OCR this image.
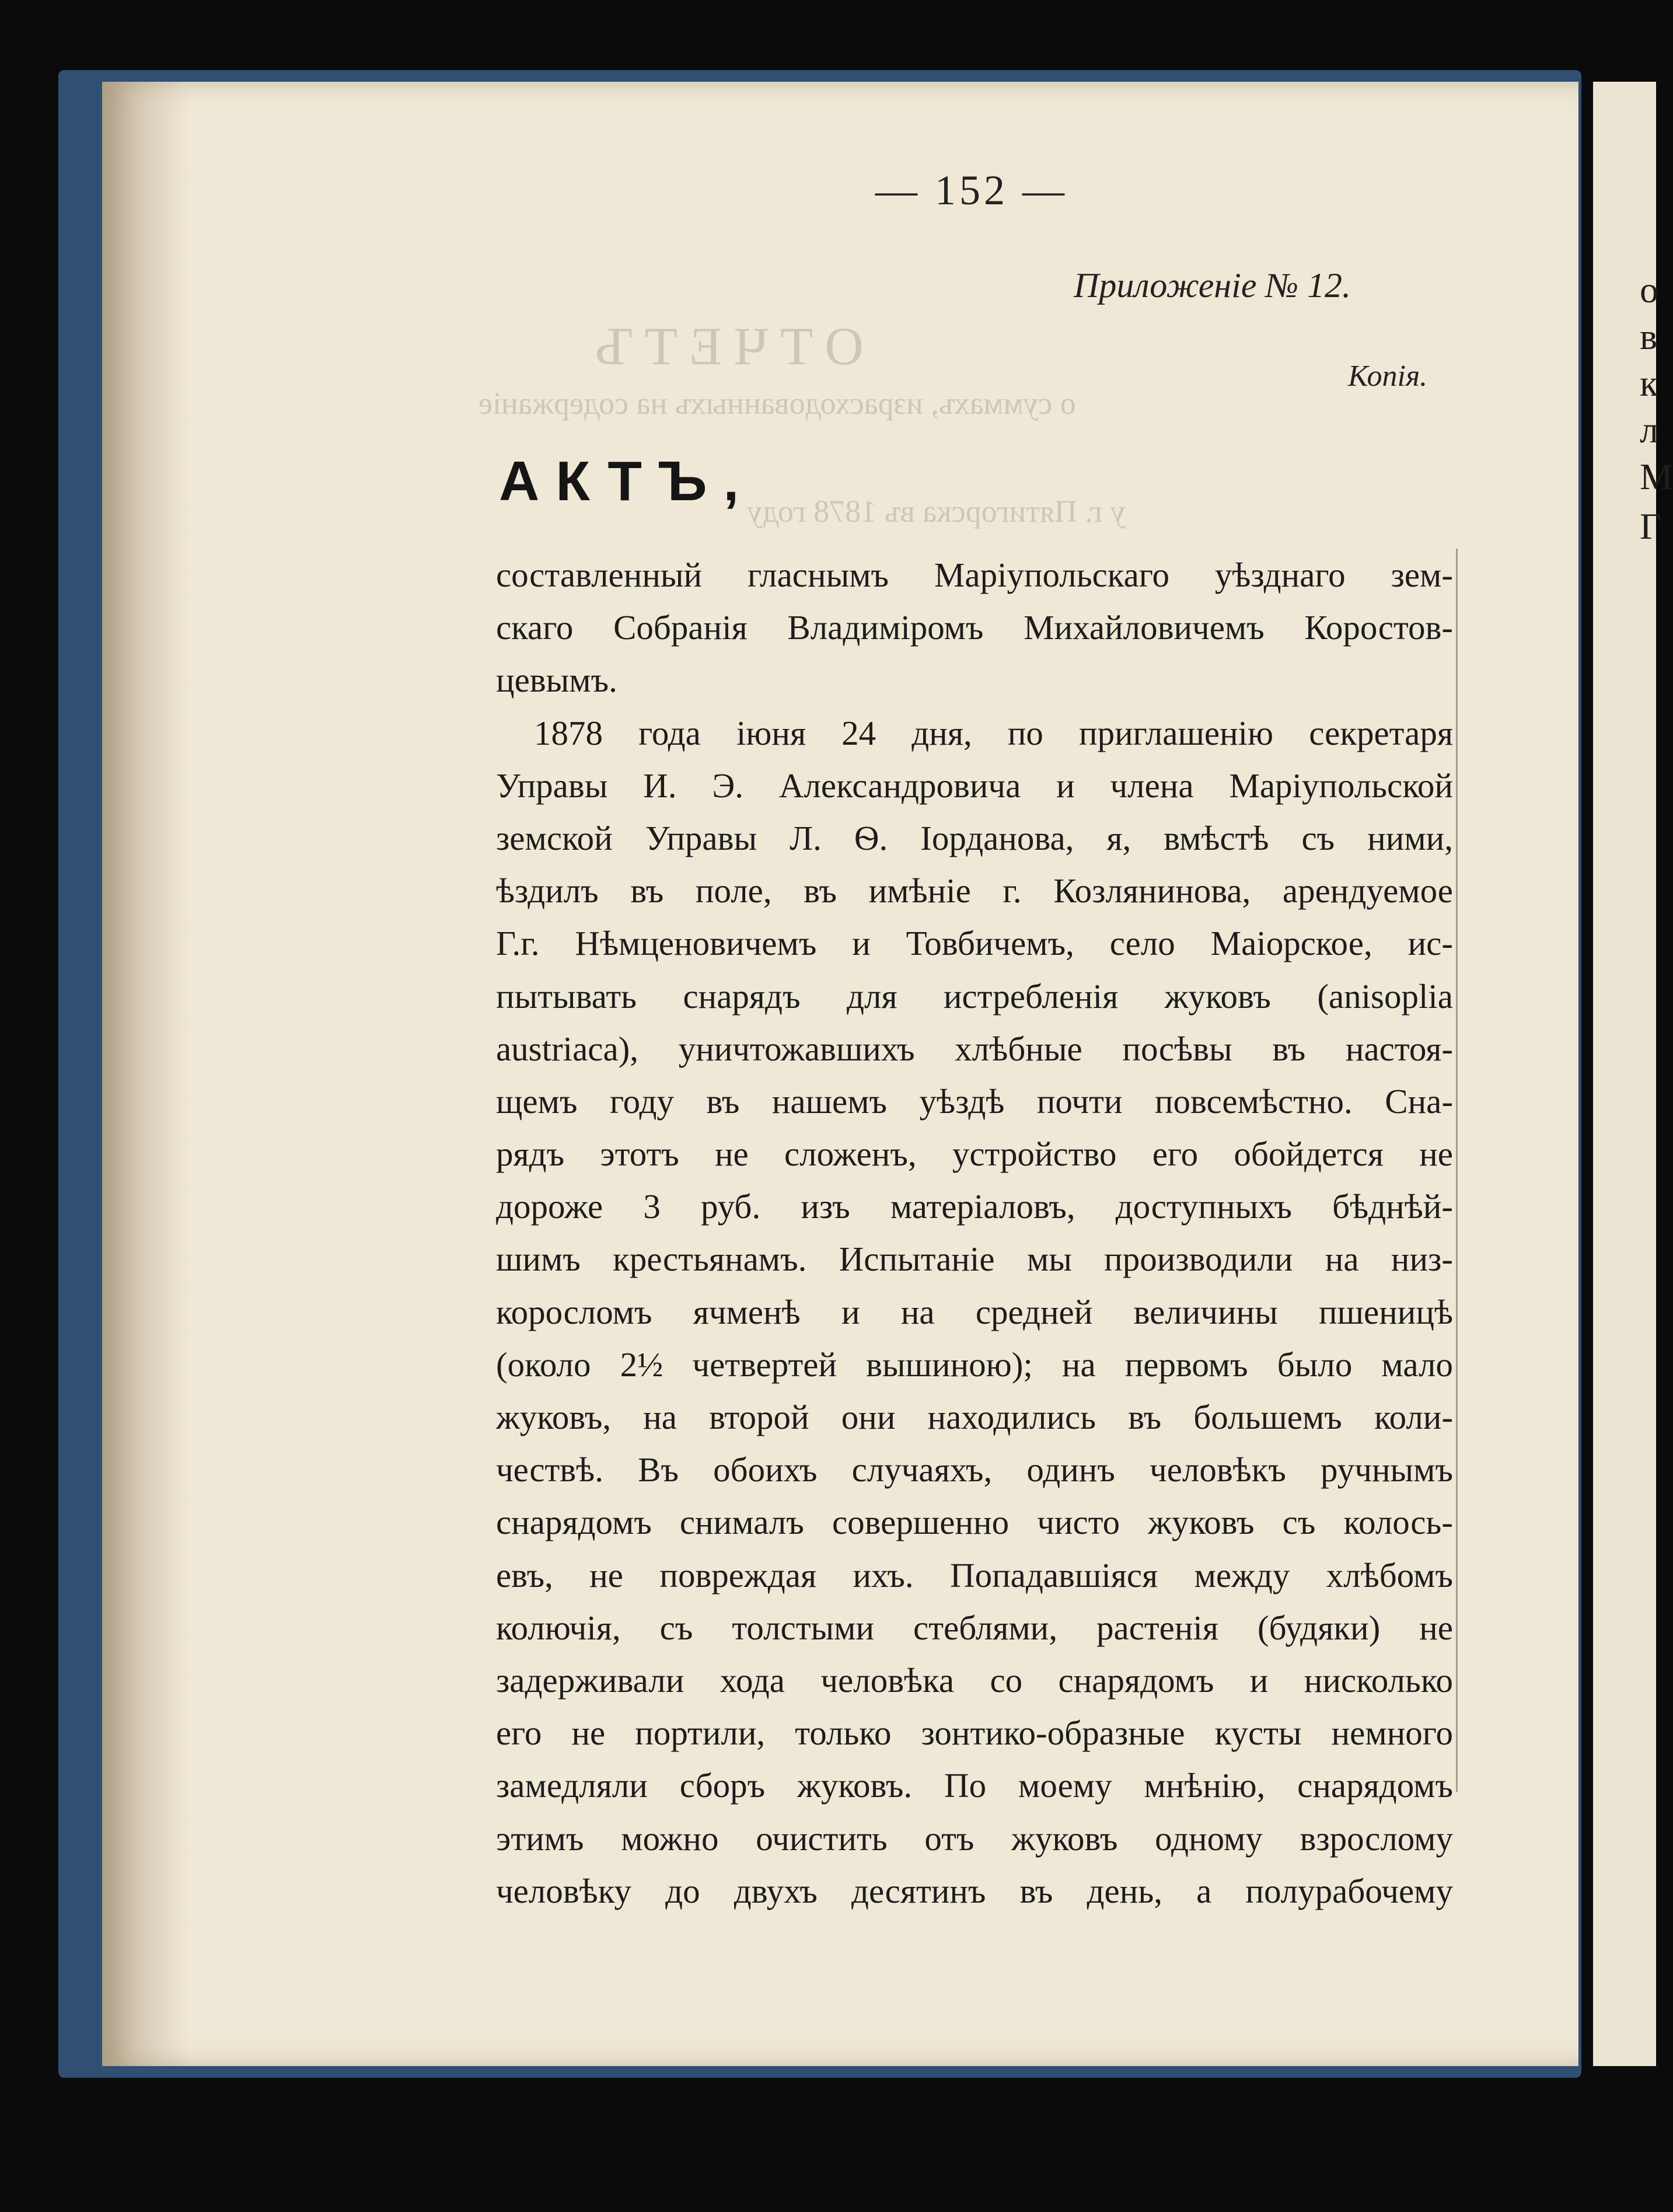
о
в
к
л
М
Г
ОТЧЕТЪ
о суммахъ, израсходованныхъ на содержанiе
у г. Пятигорска въ 1878 году
— 152 —
Приложенiе № 12.
Копiя.
АКТЪ,
составленный гласнымъ Марiупольскаго уѣзднаго зем-
скаго Собранiя Владимiромъ Михайловичемъ Коростов-
цевымъ.
1878 года iюня 24 дня, по приглашенiю секретаря
Управы И. Э. Александровича и члена Марiупольской
земской Управы Л. Ѳ. Iорданова, я, вмѣстѣ съ ними,
ѣздилъ въ поле, въ имѣнiе г. Козлянинова, арендуемое
Г.г. Нѣмценовичемъ и Товбичемъ, село Маiорское, ис-
пытывать снарядъ для истребленiя жуковъ (anisoplia
austriaca), уничтожавшихъ хлѣбные посѣвы въ настоя-
щемъ году въ нашемъ уѣздѣ почти повсемѣстно. Сна-
рядъ этотъ не сложенъ, устройство его обойдется не
дороже 3 руб. изъ матерiаловъ, доступныхъ бѣднѣй-
шимъ крестьянамъ. Испытанiе мы производили на низ-
коросломъ ячменѣ и на средней величины пшеницѣ
(около 2½ четвертей вышиною); на первомъ было мало
жуковъ, на второй они находились въ большемъ коли-
чествѣ. Въ обоихъ случаяхъ, одинъ человѣкъ ручнымъ
снарядомъ снималъ совершенно чисто жуковъ съ колось-
евъ, не повреждая ихъ. Попадавшiяся между хлѣбомъ
колючiя, съ толстыми стеблями, растенiя (будяки) не
задерживали хода человѣка со снарядомъ и нисколько
его не портили, только зонтико-образные кусты немного
замедляли сборъ жуковъ. По моему мнѣнiю, снарядомъ
этимъ можно очистить отъ жуковъ одному взрослому
человѣку до двухъ десятинъ въ день, а полурабочему
